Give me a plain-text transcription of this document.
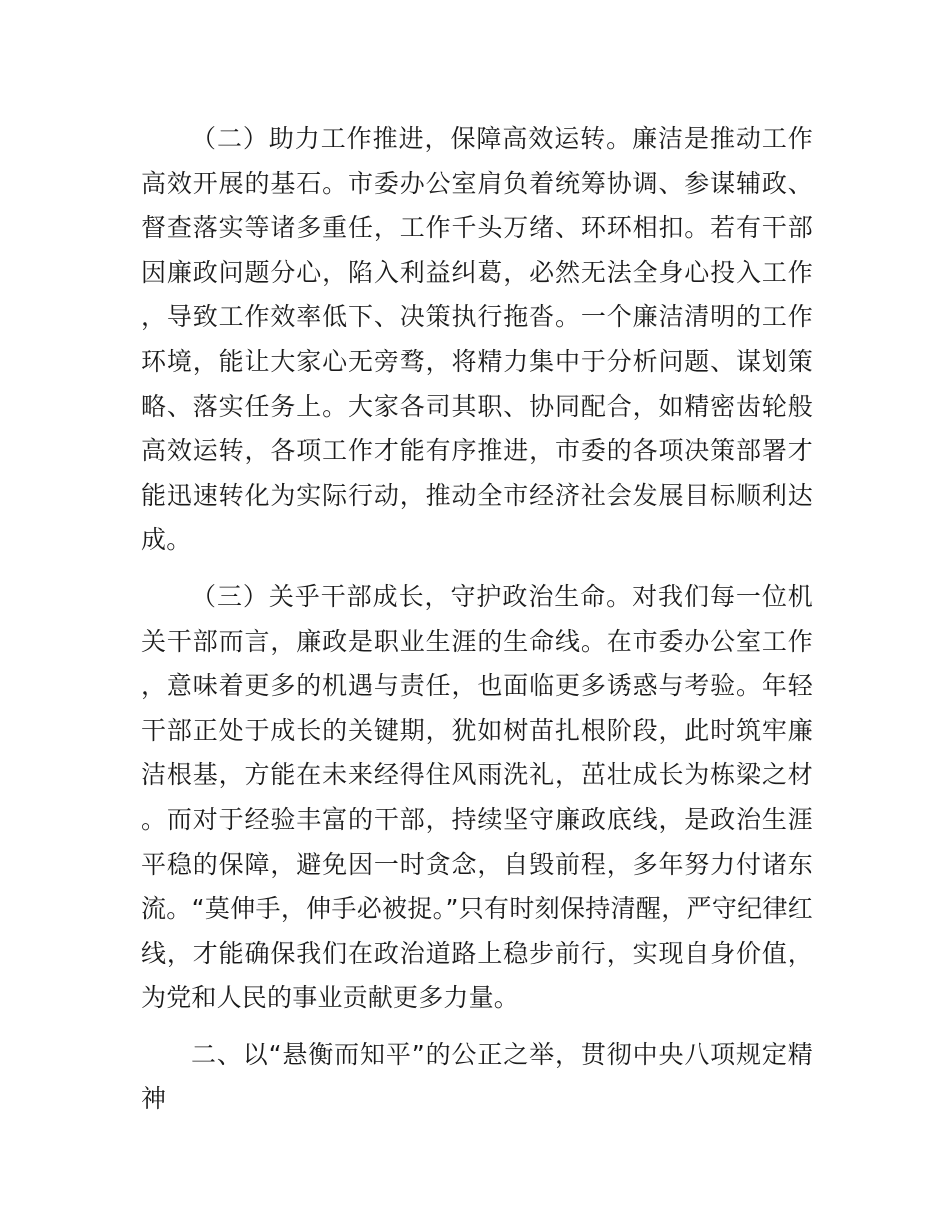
（二）助力工作推进，保障高效运转。廉洁是推动工作高效开展的基石。市委办公室肩负着统筹协调、参谋辅政、督查落实等诸多重任，工作千头万绪、环环相扣。若有干部因廉政问题分心，陷入利益纠葛，必然无法全身心投入工作，导致工作效率低下、决策执行拖沓。一个廉洁清明的工作环境，能让大家心无旁骛，将精力集中于分析问题、谋划策略、落实任务上。大家各司其职、协同配合，如精密齿轮般高效运转，各项工作才能有序推进，市委的各项决策部署才能迅速转化为实际行动，推动全市经济社会发展目标顺利达成。

（三）关乎干部成长，守护政治生命。对我们每一位机关干部而言，廉政是职业生涯的生命线。在市委办公室工作，意味着更多的机遇与责任，也面临更多诱惑与考验。年轻干部正处于成长的关键期，犹如树苗扎根阶段，此时筑牢廉洁根基，方能在未来经得住风雨洗礼，茁壮成长为栋梁之材。而对于经验丰富的干部，持续坚守廉政底线，是政治生涯平稳的保障，避免因一时贪念，自毁前程，多年努力付诸东流。“莫伸手，伸手必被捉。”只有时刻保持清醒，严守纪律红线，才能确保我们在政治道路上稳步前行，实现自身价值，为党和人民的事业贡献更多力量。

二、以“悬衡而知平”的公正之举，贯彻中央八项规定精神
